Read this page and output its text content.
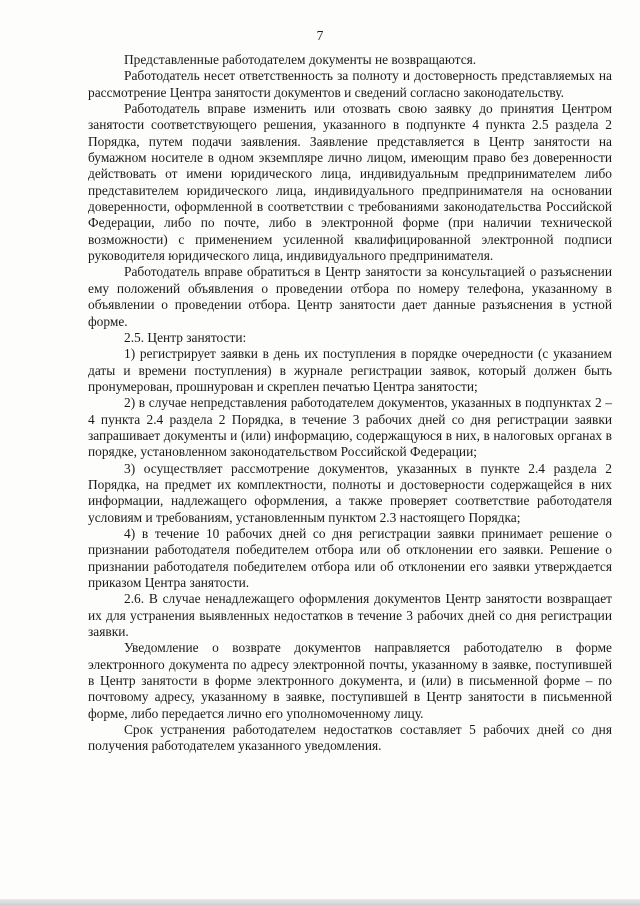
7

Представленные работодателем документы не возвращаются.

Работодатель несет ответственность за полноту и достоверность представляемых на рассмотрение Центра занятости документов и сведений согласно законодательству.

Работодатель вправе изменить или отозвать свою заявку до принятия Центром занятости соответствующего решения, указанного в подпункте 4 пункта 2.5 раздела 2 Порядка, путем подачи заявления. Заявление представляется в Центр занятости на бумажном носителе в одном экземпляре лично лицом, имеющим право без доверенности действовать от имени юридического лица, индивидуальным предпринимателем либо представителем юридического лица, индивидуального предпринимателя на основании доверенности, оформленной в соответствии с требованиями законодательства Российской Федерации, либо по почте, либо в электронной форме (при наличии технической возможности) с применением усиленной квалифицированной электронной подписи руководителя юридического лица, индивидуального предпринимателя.

Работодатель вправе обратиться в Центр занятости за консультацией о разъяснении ему положений объявления о проведении отбора по номеру телефона, указанному в объявлении о проведении отбора. Центр занятости дает данные разъяснения в устной форме.

2.5. Центр занятости:

1) регистрирует заявки в день их поступления в порядке очередности (с указанием даты и времени поступления) в журнале регистрации заявок, который должен быть пронумерован, прошнурован и скреплен печатью Центра занятости;

2) в случае непредставления работодателем документов, указанных в подпунктах 2 – 4 пункта 2.4 раздела 2 Порядка, в течение 3 рабочих дней со дня регистрации заявки запрашивает документы и (или) информацию, содержащуюся в них, в налоговых органах в порядке, установленном законодательством Российской Федерации;

3) осуществляет рассмотрение документов, указанных в пункте 2.4 раздела 2 Порядка, на предмет их комплектности, полноты и достоверности содержащейся в них информации, надлежащего оформления, а также проверяет соответствие работодателя условиям и требованиям, установленным пунктом 2.3 настоящего Порядка;

4) в течение 10 рабочих дней со дня регистрации заявки принимает решение о признании работодателя победителем отбора или об отклонении его заявки. Решение о признании работодателя победителем отбора или об отклонении его заявки утверждается приказом Центра занятости.

2.6. В случае ненадлежащего оформления документов Центр занятости возвращает их для устранения выявленных недостатков в течение 3 рабочих дней со дня регистрации заявки.

Уведомление о возврате документов направляется работодателю в форме электронного документа по адресу электронной почты, указанному в заявке, поступившей в Центр занятости в форме электронного документа, и (или) в письменной форме – по почтовому адресу, указанному в заявке, поступившей в Центр занятости в письменной форме, либо передается лично его уполномоченному лицу.

Срок устранения работодателем недостатков составляет 5 рабочих дней со дня получения работодателем указанного уведомления.
